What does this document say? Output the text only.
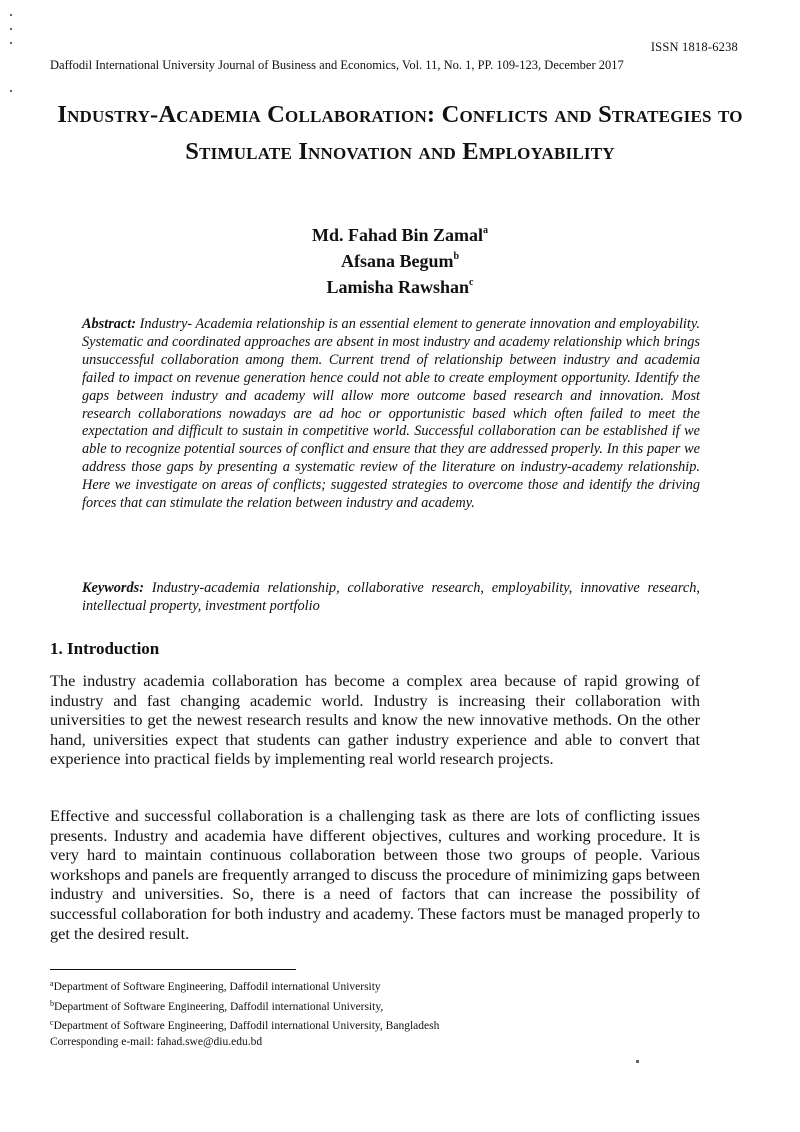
ISSN 1818-6238
Daffodil International University Journal of Business and Economics, Vol. 11, No. 1, PP. 109-123, December 2017
Industry-Academia Collaboration: Conflicts and Strategies to Stimulate Innovation and Employability
Md. Fahad Bin Zamal$^a$
Afsana Begum$^b$
Lamisha Rawshan$^c$
Abstract: Industry- Academia relationship is an essential element to generate innovation and employability. Systematic and coordinated approaches are absent in most industry and academy relationship which brings unsuccessful collaboration among them. Current trend of relationship between industry and academia failed to impact on revenue generation hence could not able to create employment opportunity. Identify the gaps between industry and academy will allow more outcome based research and innovation. Most research collaborations nowadays are ad hoc or opportunistic based which often failed to meet the expectation and difficult to sustain in competitive world. Successful collaboration can be established if we able to recognize potential sources of conflict and ensure that they are addressed properly. In this paper we address those gaps by presenting a systematic review of the literature on industry-academy relationship. Here we investigate on areas of conflicts; suggested strategies to overcome those and identify the driving forces that can stimulate the relation between industry and academy.
Keywords: Industry-academia relationship, collaborative research, employability, innovative research, intellectual property, investment portfolio
1. Introduction

The industry academia collaboration has become a complex area because of rapid growing of industry and fast changing academic world. Industry is increasing their collaboration with universities to get the newest research results and know the new innovative methods. On the other hand, universities expect that students can gather industry experience and able to convert that experience into practical fields by implementing real world research projects.

Effective and successful collaboration is a challenging task as there are lots of conflicting issues presents. Industry and academia have different objectives, cultures and working procedure. It is very hard to maintain continuous collaboration between those two groups of people. Various workshops and panels are frequently arranged to discuss the procedure of minimizing gaps between industry and universities. So, there is a need of factors that can increase the possibility of successful collaboration for both industry and academy. These factors must be managed properly to get the desired result.

$^a$Department of Software Engineering, Daffodil international University
$^b$Department of Software Engineering, Daffodil international University,
$^c$Department of Software Engineering, Daffodil international University, Bangladesh
Corresponding e-mail: fahad.swe@diu.edu.bd
